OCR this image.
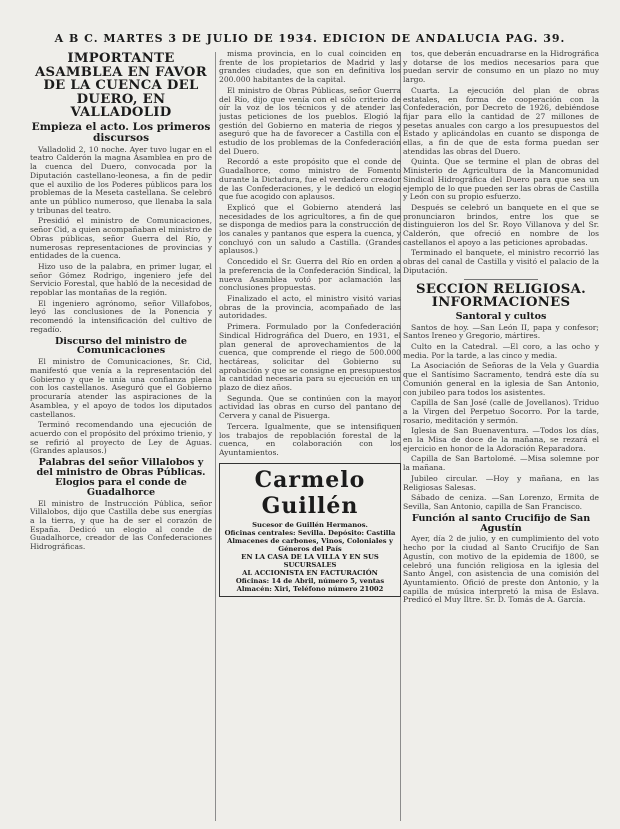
A B C. MARTES 3 DE JULIO DE 1934. EDICION DE ANDALUCIA PAG. 39.
IMPORTANTE ASAMBLEA EN FAVOR DE LA CUENCA DEL DUERO, EN VALLADOLID
Empieza el acto. Los primeros discursos

Valladolid 2, 10 noche. Ayer tuvo lugar en el teatro Calderón la magna Asamblea en pro de la cuenca del Duero, convocada por la Diputación castellano-leonesa, a fin de pedir que el auxilio de los Poderes públicos para los problemas de la Meseta castellana. Se celebró ante un público numeroso, que llenaba la sala y tribunas del teatro.

Presidió el ministro de Comunicaciones, señor Cid, a quien acompañaban el ministro de Obras públicas, señor Guerra del Río, y numerosas representaciones de provincias y entidades de la cuenca.

Hizo uso de la palabra, en primer lugar, el señor Gómez Rodrigo, ingeniero jefe del Servicio Forestal, que habló de la necesidad de repoblar las montañas de la región.

El ingeniero agrónomo, señor Villafobos, leyó las conclusiones de la Ponencia y recomendó la intensificación del cultivo de regadío.

Discurso del ministro de Comunicaciones

El ministro de Comunicaciones, Sr. Cid, manifestó que venía a la representación del Gobierno y que le unía una confianza plena con los castellanos. Aseguró que el Gobierno procuraría atender las aspiraciones de la Asamblea, y el apoyo de todos los diputados castellanos.

Terminó recomendando una ejecución de acuerdo con el propósito del próximo trienio, y se refirió al proyecto de Ley de Aguas. (Grandes aplausos.)

Palabras del señor Villalobos y del ministro de Obras Públicas. Elogios para el conde de Guadalhorce

El ministro de Instrucción Pública, señor Villalobos, dijo que Castilla debe sus energías a la tierra, y que ha de ser el corazón de España. Dedicó un elogio al conde de Guadalhorce, creador de las Confederaciones Hidrográficas.

misma provincia, en lo cual coinciden en frente de los propietarios de Madrid y las grandes ciudades, que son en definitiva los 200.000 habitantes de la capital.

El ministro de Obras Públicas, señor Guerra del Río, dijo que venía con el sólo criterio de oír la voz de los técnicos y de atender las justas peticiones de los pueblos. Elogió la gestión del Gobierno en materia de riegos y aseguró que ha de favorecer a Castilla con el estudio de los problemas de la Confederación del Duero.

Recordó a este propósito que el conde de Guadalhorce, como ministro de Fomento durante la Dictadura, fue el verdadero creador de las Confederaciones, y le dedicó un elogio que fue acogido con aplausos.

Explicó que el Gobierno atenderá las necesidades de los agricultores, a fin de que se disponga de medios para la construcción de los canales y pantanos que espera la cuenca, y concluyó con un saludo a Castilla. (Grandes aplausos.)

Concedido el Sr. Guerra del Río en orden a la preferencia de la Confederación Sindical, la nueva Asamblea votó por aclamación las conclusiones propuestas.

Finalizado el acto, el ministro visitó varias obras de la provincia, acompañado de las autoridades.

Primera. Formulado por la Confederación Sindical Hidrográfica del Duero, en 1931, el plan general de aprovechamientos de la cuenca, que comprende el riego de 500.000 hectáreas, solicitar del Gobierno su aprobación y que se consigne en presupuestos la cantidad necesaria para su ejecución en un plazo de diez años.

Segunda. Que se continúen con la mayor actividad las obras en curso del pantano de Cervera y canal de Pisuerga.

Tercera. Igualmente, que se intensifiquen los trabajos de repoblación forestal de la cuenca, en colaboración con los Ayuntamientos.

Carmelo Guillén
Sucesor de Guillén Hermanos.
Oficinas centrales: Sevilla. Depósito: Castilla
Almacenes de carbones, Vinos, Coloniales y Géneros del País
EN LA CASA DE LA VILLA Y EN SUS SUCURSALES
AL ACCIONISTA EN FACTURACIÓN
Oficinas: 14 de Abril, número 5, ventas
Almacén: Xiri, Teléfono número 21002

tos, que deberán encuadrarse en la Hidrográfica y dotarse de los medios necesarios para que puedan servir de consumo en un plazo no muy largo.

Cuarta. La ejecución del plan de obras estatales, en forma de cooperación con la Confederación, por Decreto de 1926, debiéndose fijar para ello la cantidad de 27 millones de pesetas anuales con cargo a los presupuestos del Estado y aplicándolas en cuanto se disponga de ellas, a fin de que de esta forma puedan ser atendidas las obras del Duero.

Quinta. Que se termine el plan de obras del Ministerio de Agricultura de la Mancomunidad Sindical Hidrográfica del Duero para que sea un ejemplo de lo que pueden ser las obras de Castilla y León con su propio esfuerzo.

Después se celebró un banquete en el que se pronunciaron brindos, entre los que se distinguieron los del Sr. Royo Villanova y del Sr. Calderón, que ofreció en nombre de los castellanos el apoyo a las peticiones aprobadas.

Terminado el banquete, el ministro recorrió las obras del canal de Castilla y visitó el palacio de la Diputación.

SECCION RELIGIOSA. INFORMACIONES
Santoral y cultos

Santos de hoy. —San León II, papa y confesor; Santos Ireneo y Gregorio, mártires.

Culto en la Catedral. —El coro, a las ocho y media. Por la tarde, a las cinco y media.

La Asociación de Señoras de la Vela y Guardia que el Santísimo Sacramento, tendrá este día su Comunión general en la iglesia de San Antonio, con jubileo para todos los asistentes.

Capilla de San José (calle de Jovellanos). Triduo a la Virgen del Perpetuo Socorro. Por la tarde, rosario, meditación y sermón.

Iglesia de San Buenaventura. —Todos los días, en la Misa de doce de la mañana, se rezará el ejercicio en honor de la Adoración Reparadora.

Capilla de San Bartolomé. —Misa solemne por la mañana.

Jubileo circular. —Hoy y mañana, en las Religiosas Salesas.

Sábado de ceniza. —San Lorenzo, Ermita de Sevilla, San Antonio, capilla de San Francisco.

Función al santo Crucifijo de San Agustín

Ayer, día 2 de julio, y en cumplimiento del voto hecho por la ciudad al Santo Crucifijo de San Agustín, con motivo de la epidemia de 1800, se celebró una función religiosa en la iglesia del Santo Ángel, con asistencia de una comisión del Ayuntamiento. Ofició de preste don Antonio, y la capilla de música interpretó la misa de Eslava. Predicó el Muy Iltre. Sr. D. Tomás de A. García.
